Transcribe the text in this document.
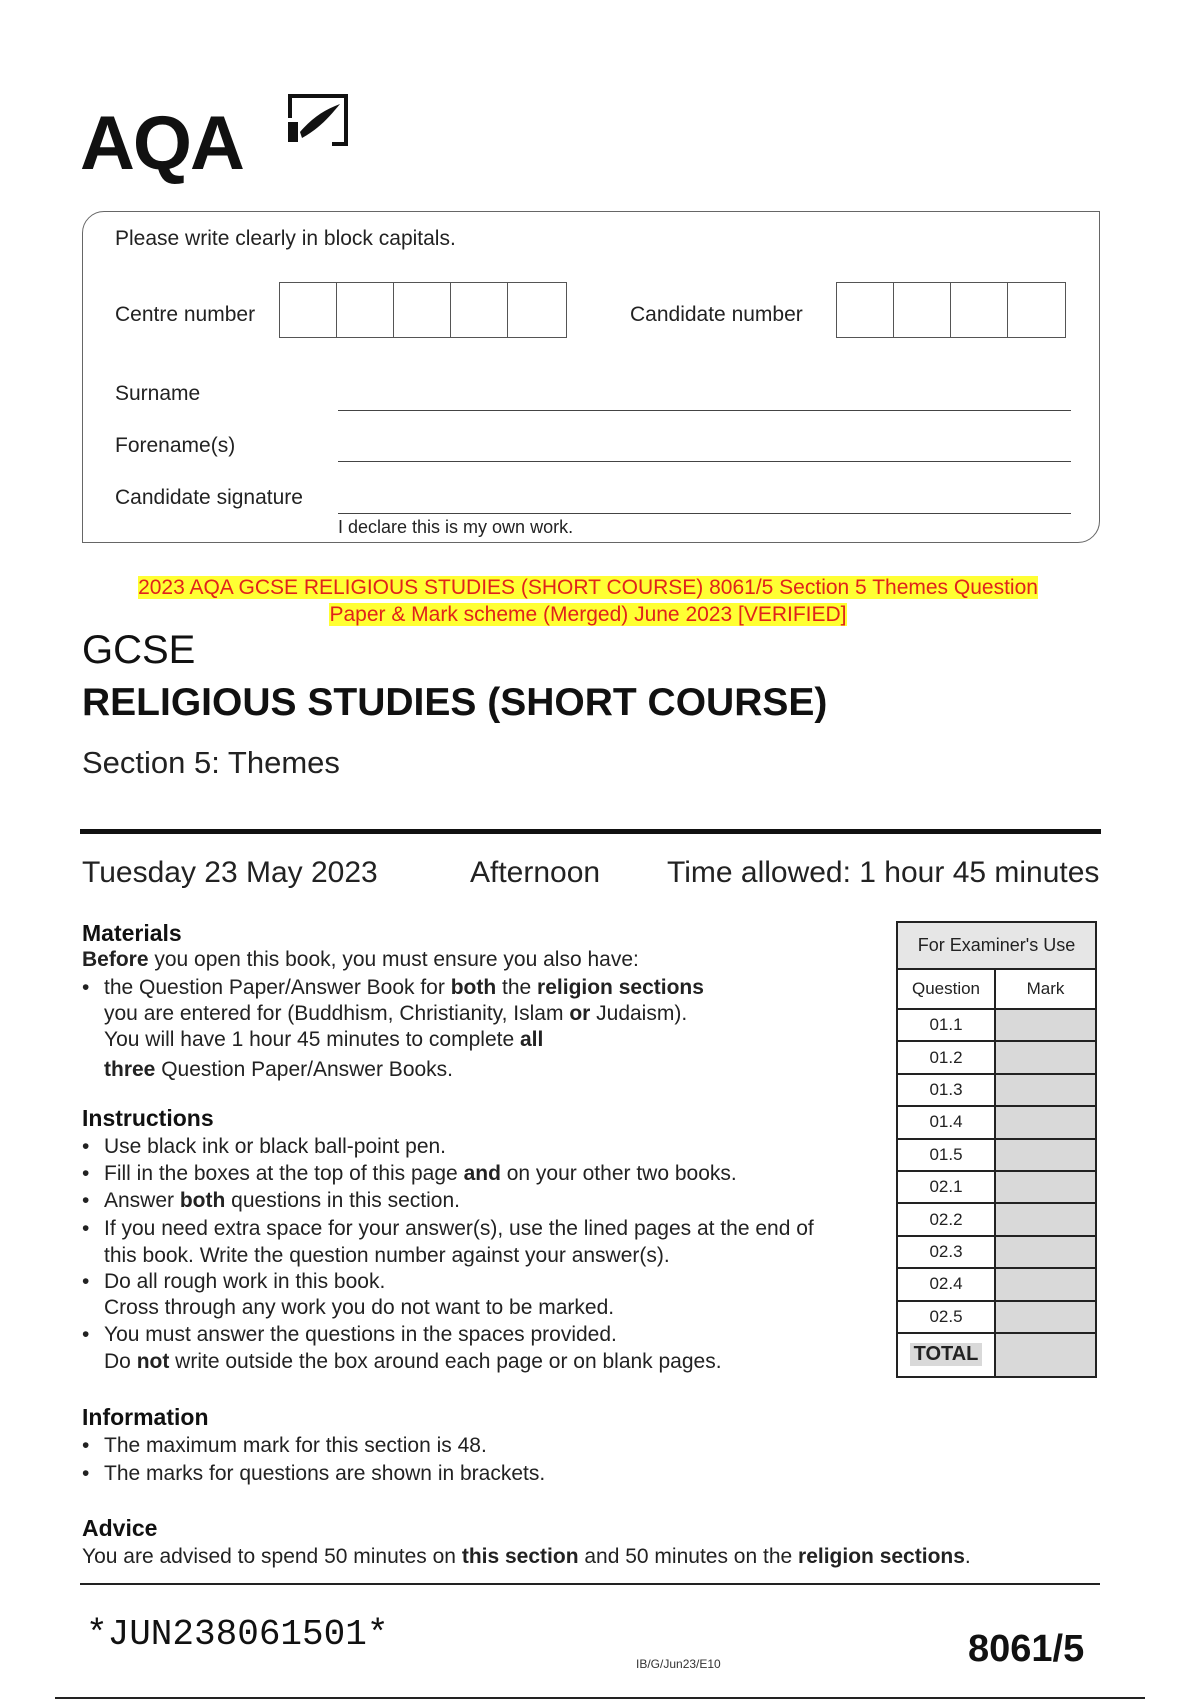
AQA
Please write clearly in block capitals.
Centre number	Candidate number
Surname
Forename(s)
Candidate signature
I declare this is my own work.
2023 AQA GCSE RELIGIOUS STUDIES (SHORT COURSE) 8061/5 Section 5 Themes Question
Paper & Mark scheme (Merged) June 2023 [VERIFIED]
GCSE
RELIGIOUS STUDIES (SHORT COURSE)
Section 5: Themes
Tuesday 23 May 2023	Afternoon Time allowed: 1 hour 45 minutes
Materials
Before you open this book, you must ensure you also have:
• the Question Paper/Answer Book for both the religion sections
you are entered for (Buddhism, Christianity, Islam or Judaism).
You will have 1 hour 45 minutes to complete all
three Question Paper/Answer Books.
Instructions
• Use black ink or black ball-point pen.
• Fill in the boxes at the top of this page and on your other two books.
• Answer both questions in this section.
• If you need extra space for your answer(s), use the lined pages at the end of
this book. Write the question number against your answer(s).
• Do all rough work in this book.
Cross through any work you do not want to be marked.
• You must answer the questions in the spaces provided.
Do not write outside the box around each page or on blank pages.
Information
• The maximum mark for this section is 48.
• The marks for questions are shown in brackets.
Advice
You are advised to spend 50 minutes on this section and 50 minutes on the religion sections.
For Examiner's Use
Question	Mark
01.1
01.2
01.3
01.4
01.5
02.1
02.2
02.3
02.4
02.5
TOTAL
*JUN238061501*
IB/G/Jun23/E10	8061/5
